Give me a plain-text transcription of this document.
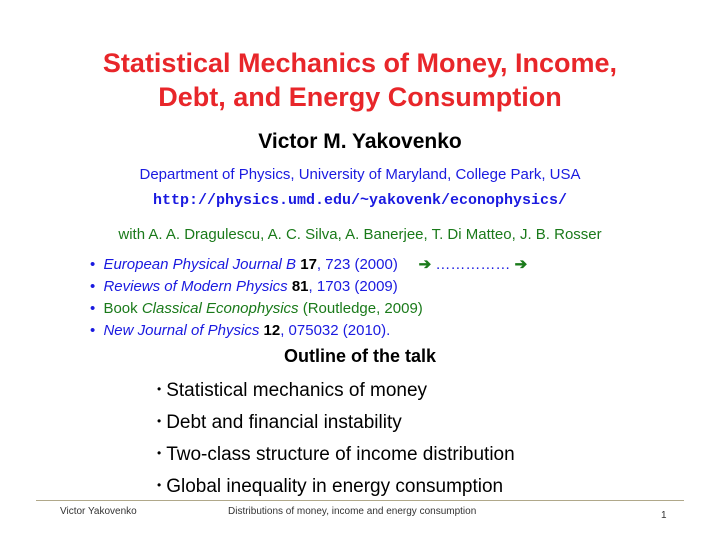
Statistical Mechanics of Money, Income,
Debt, and Energy Consumption
Victor M. Yakovenko
Department of Physics, University of Maryland, College Park, USA
http://physics.umd.edu/~yakovenk/econophysics/
with A. A. Dragulescu, A. C. Silva, A. Banerjee, T. Di Matteo, J. B. Rosser
• European Physical Journal B 17, 723 (2000) ➔ …………… ➔
• Reviews of Modern Physics 81, 1703 (2009)
• Book Classical Econophysics (Routledge, 2009)
• New Journal of Physics 12, 075032 (2010).
Outline of the talk
• Statistical mechanics of money
• Debt and financial instability
• Two-class structure of income distribution
• Global inequality in energy consumption
Victor Yakovenko	Distributions of money, income and energy consumption	1
